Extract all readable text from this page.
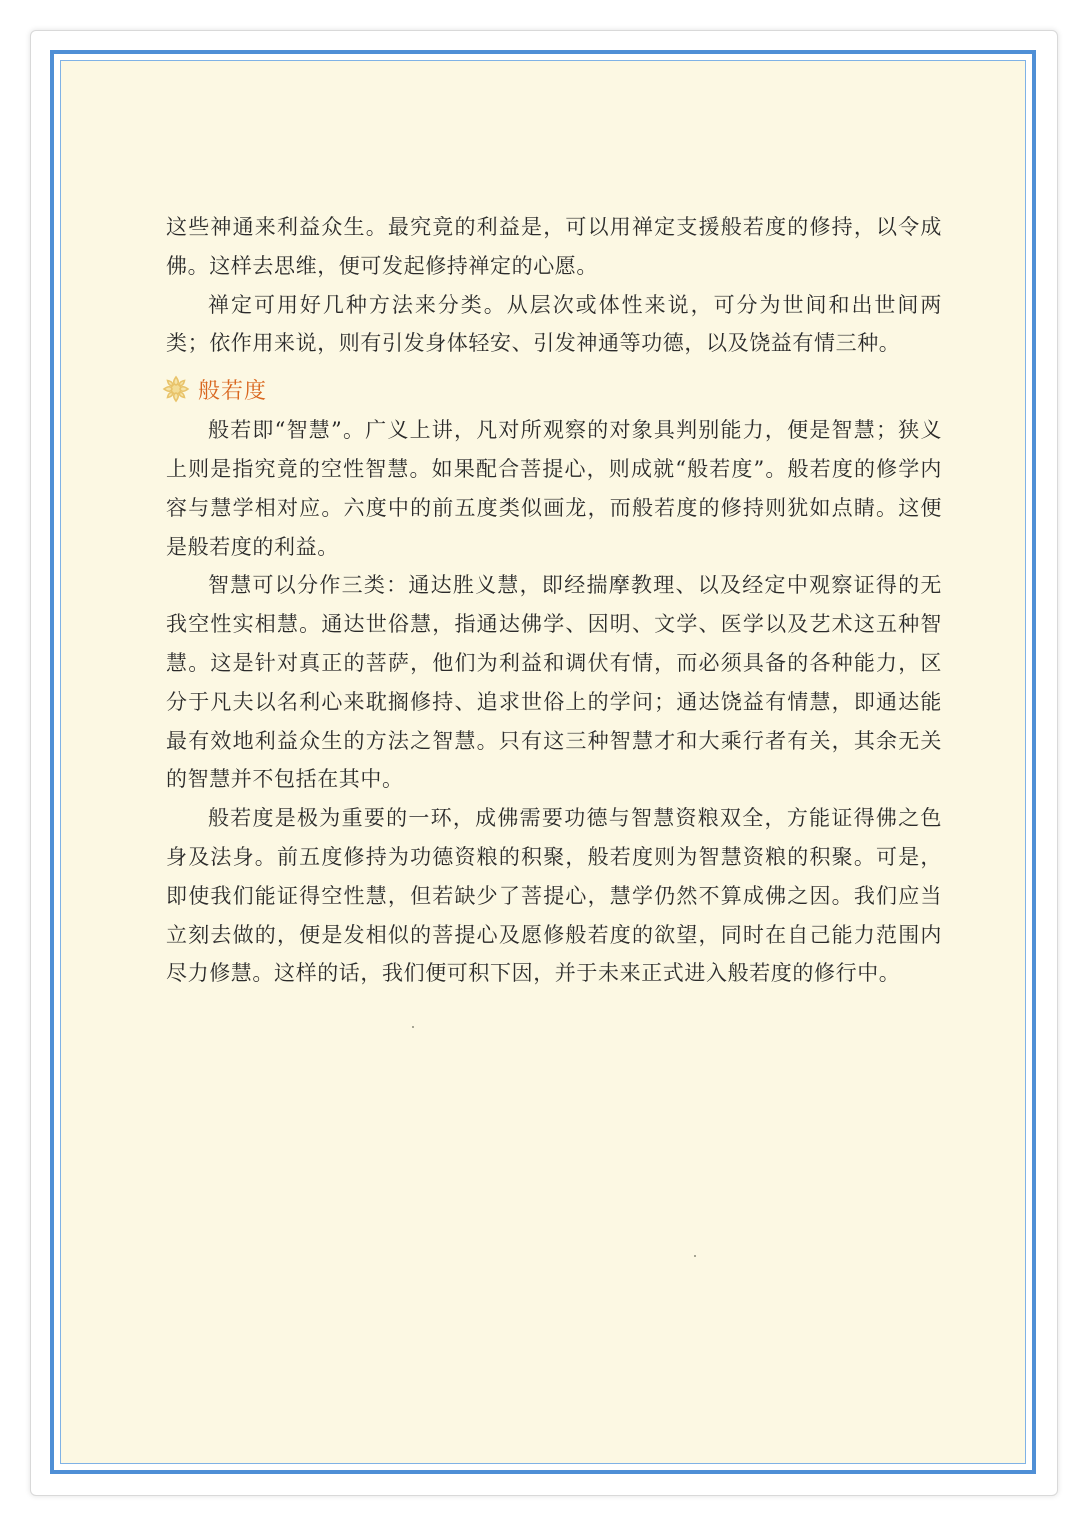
这些神通来利益众生。最究竟的利益是，可以用禅定支援般若度的修持，以令成佛。这样去思维，便可发起修持禅定的心愿。

禅定可用好几种方法来分类。从层次或体性来说，可分为世间和出世间两类；依作用来说，则有引发身体轻安、引发神通等功德，以及饶益有情三种。

般若度

般若即“智慧”。广义上讲，凡对所观察的对象具判别能力，便是智慧；狭义上则是指究竟的空性智慧。如果配合菩提心，则成就“般若度”。般若度的修学内容与慧学相对应。六度中的前五度类似画龙，而般若度的修持则犹如点睛。这便是般若度的利益。

智慧可以分作三类：通达胜义慧，即经揣摩教理、以及经定中观察证得的无我空性实相慧。通达世俗慧，指通达佛学、因明、文学、医学以及艺术这五种智慧。这是针对真正的菩萨，他们为利益和调伏有情，而必须具备的各种能力，区分于凡夫以名利心来耽搁修持、追求世俗上的学问；通达饶益有情慧，即通达能最有效地利益众生的方法之智慧。只有这三种智慧才和大乘行者有关，其余无关的智慧并不包括在其中。

般若度是极为重要的一环，成佛需要功德与智慧资粮双全，方能证得佛之色身及法身。前五度修持为功德资粮的积聚，般若度则为智慧资粮的积聚。可是，即使我们能证得空性慧，但若缺少了菩提心，慧学仍然不算成佛之因。我们应当立刻去做的，便是发相似的菩提心及愿修般若度的欲望，同时在自己能力范围内尽力修慧。这样的话，我们便可积下因，并于未来正式进入般若度的修行中。
